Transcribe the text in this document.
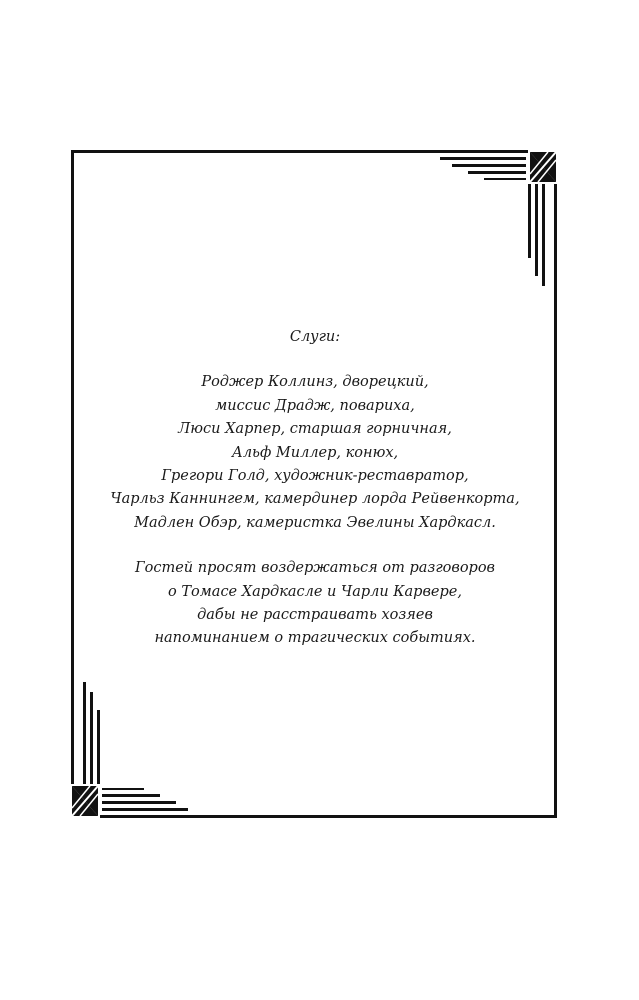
Слуги:
Роджер Коллинз, дворецкий,
миссис Драдж, повариха,
Люси Харпер, старшая горничная,
Альф Миллер, конюх,
Грегори Голд, художник-реставратор,
Чарльз Каннингем, камердинер лорда Рейвенкорта,
Мадлен Обэр, камеристка Эвелины Хардкасл.

Гостей просят воздержаться от разговоров

о Томасе Хардкасле и Чарли Карвере,

дабы не расстраивать хозяев

напоминанием о трагических событиях.
